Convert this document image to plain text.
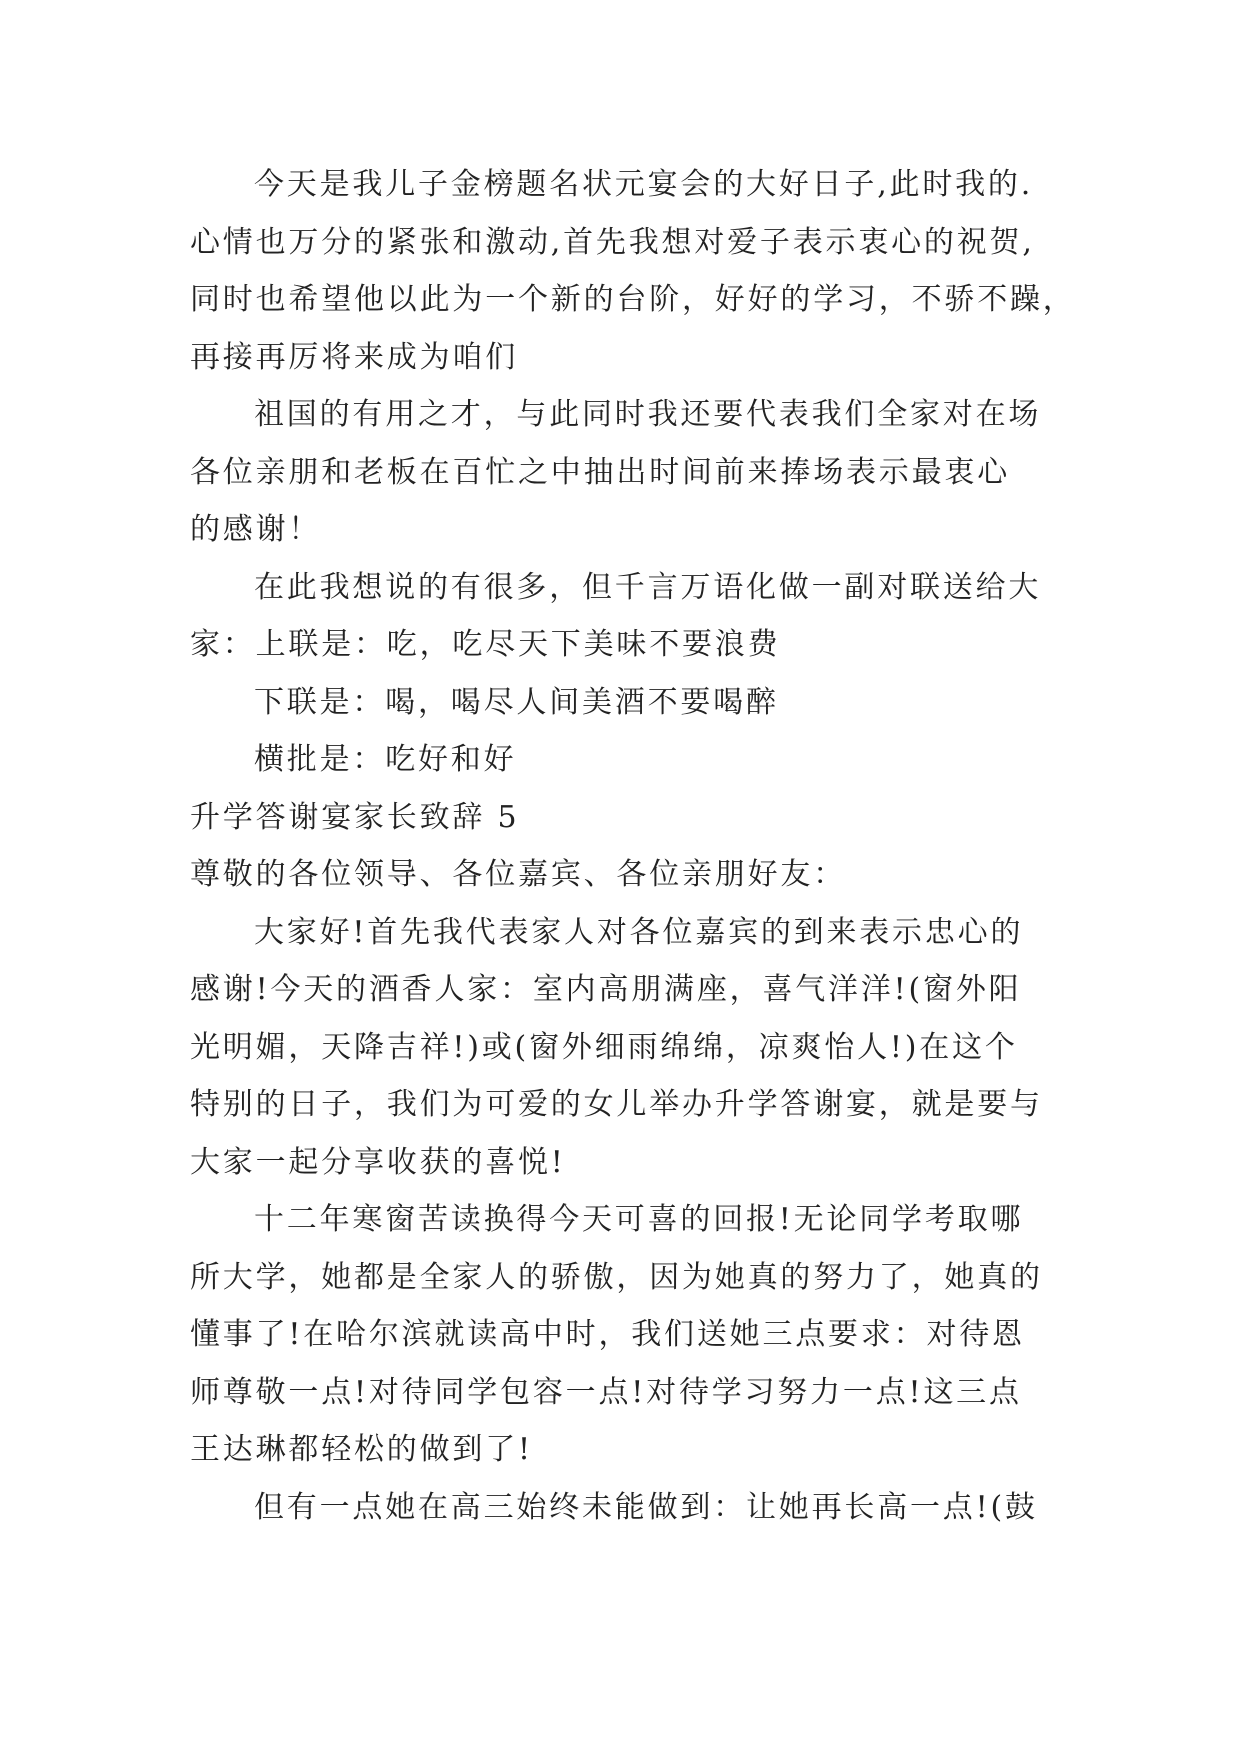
今天是我儿子金榜题名状元宴会的大好日子,此时我的.
心情也万分的紧张和激动,首先我想对爱子表示衷心的祝贺,
同时也希望他以此为一个新的台阶，好好的学习，不骄不躁，
再接再厉将来成为咱们
祖国的有用之才，与此同时我还要代表我们全家对在场
各位亲朋和老板在百忙之中抽出时间前来捧场表示最衷心
的感谢！
在此我想说的有很多，但千言万语化做一副对联送给大
家：上联是：吃，吃尽天下美味不要浪费
下联是：喝，喝尽人间美酒不要喝醉
横批是：吃好和好
升学答谢宴家长致辞 5
尊敬的各位领导、各位嘉宾、各位亲朋好友：
大家好!首先我代表家人对各位嘉宾的到来表示忠心的
感谢!今天的酒香人家：室内高朋满座，喜气洋洋!(窗外阳
光明媚，天降吉祥!)或(窗外细雨绵绵，凉爽怡人!)在这个
特别的日子，我们为可爱的女儿举办升学答谢宴，就是要与
大家一起分享收获的喜悦!
十二年寒窗苦读换得今天可喜的回报!无论同学考取哪
所大学，她都是全家人的骄傲，因为她真的努力了，她真的
懂事了!在哈尔滨就读高中时，我们送她三点要求：对待恩
师尊敬一点!对待同学包容一点!对待学习努力一点!这三点
王达琳都轻松的做到了!
但有一点她在高三始终未能做到：让她再长高一点!(鼓
